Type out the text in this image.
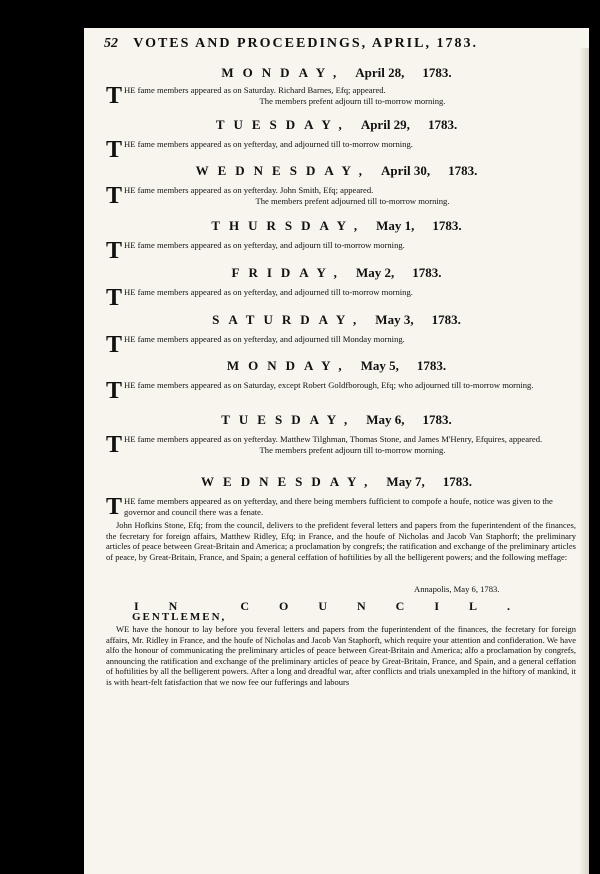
52 VOTES AND PROCEEDINGS, APRIL, 1783.
MONDAY, April 28, 1783.
THE fame members appeared as on Saturday. Richard Barnes, Efq; appeared.
The members prefent adjourn till to-morrow morning.
TUESDAY, April 29, 1783.
THE fame members appeared as on yefterday, and adjourned till to-morrow morning.
WEDNESDAY, April 30, 1783.
THE fame members appeared as on yefterday. John Smith, Efq; appeared.
The members prefent adjourned till to-morrow morning.
THURSDAY, May 1, 1783.
THE fame members appeared as on yefterday, and adjourn till to-morrow morning.
FRIDAY, May 2, 1783.
THE fame members appeared as on yefterday, and adjourned till to-morrow morning.
SATURDAY, May 3, 1783.
THE fame members appeared as on yefterday, and adjourned till Monday morning.
MONDAY, May 5, 1783.
THE fame members appeared as on Saturday, except Robert Goldfborough, Efq; who adjourned till to-morrow morning.
TUESDAY, May 6, 1783.
THE fame members appeared as on yefterday. Matthew Tilghman, Thomas Stone, and James M'Henry, Efquires, appeared.
The members prefent adjourn till to-morrow morning.
WEDNESDAY, May 7, 1783.
THE fame members appeared as on yefterday, and there being members fufficient to compofe a houfe, notice was given to the governor and council there was a fenate.

John Hofkins Stone, Efq; from the council, delivers to the prefident feveral letters and papers from the fuperintendent of the finances, the fecretary for foreign affairs, Matthew Ridley, Efq; in France, and the houfe of Nicholas and Jacob Van Staphorft; the preliminary articles of peace between Great-Britain and America; a proclamation by congrefs; the ratification and exchange of the preliminary articles of peace, by Great-Britain, France, and Spain; a general ceffation of hoftilities by all the belligerent powers; and the following meffage:

Annapolis, May 6, 1783.
IN COUNCIL.
GENTLEMEN,

WE have the honour to lay before you feveral letters and papers from the fuperintendent of the finances, the fecretary for foreign affairs, Mr. Ridley in France, and the houfe of Nicholas and Jacob Van Staphorft, which require your attention and confideration. We have alfo the honour of communicating the preliminary articles of peace between Great-Britain and America; alfo a proclamation by congrefs, announcing the ratification and exchange of the preliminary articles of peace by Great-Britain, France, and Spain, and a general ceffation of hoftilities by all the belligerent powers. After a long and dreadful war, after conflicts and trials unexampled in the hiftory of mankind, it is with heart-felt fatisfaction that we now fee our fufferings and labours
